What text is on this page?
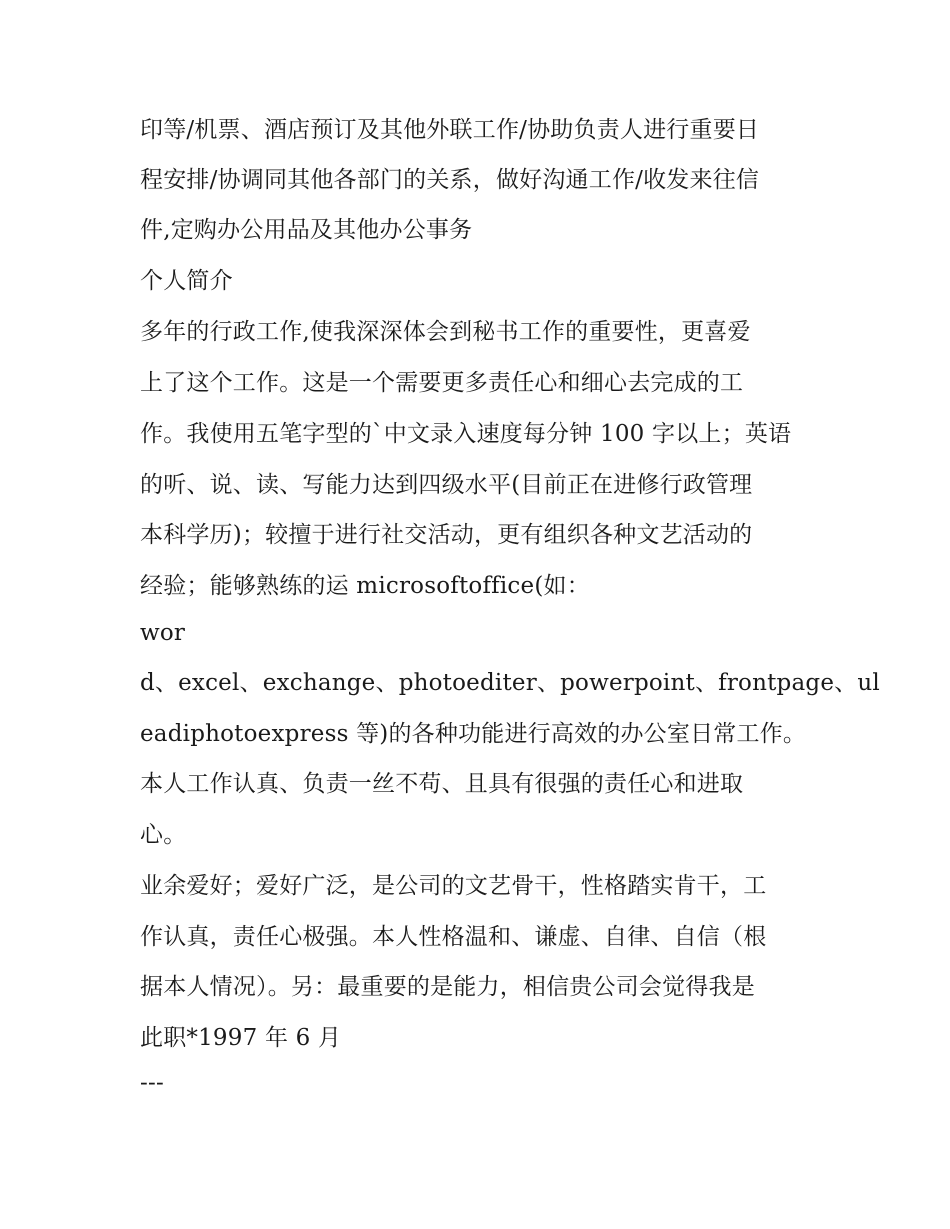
印等/机票、酒店预订及其他外联工作/协助负责人进行重要日
程安排/协调同其他各部门的关系，做好沟通工作/收发来往信
件,定购办公用品及其他办公事务
个人简介
多年的行政工作,使我深深体会到秘书工作的重要性，更喜爱
上了这个工作。这是一个需要更多责任心和细心去完成的工
作。我使用五笔字型的`中文录入速度每分钟 100 字以上；英语
的听、说、读、写能力达到四级水平(目前正在进修行政管理
本科学历)；较擅于进行社交活动，更有组织各种文艺活动的
经验；能够熟练的运 microsoftoffice(如：
wor
d、excel、exchange、photoediter、powerpoint、frontpage、ul
eadiphotoexpress 等)的各种功能进行高效的办公室日常工作。
本人工作认真、负责一丝不苟、且具有很强的责任心和进取
心。
业余爱好；爱好广泛，是公司的文艺骨干，性格踏实肯干，工
作认真，责任心极强。本人性格温和、谦虚、自律、自信（根
据本人情况）。另：最重要的是能力，相信贵公司会觉得我是
此职*1997 年 6 月
---
